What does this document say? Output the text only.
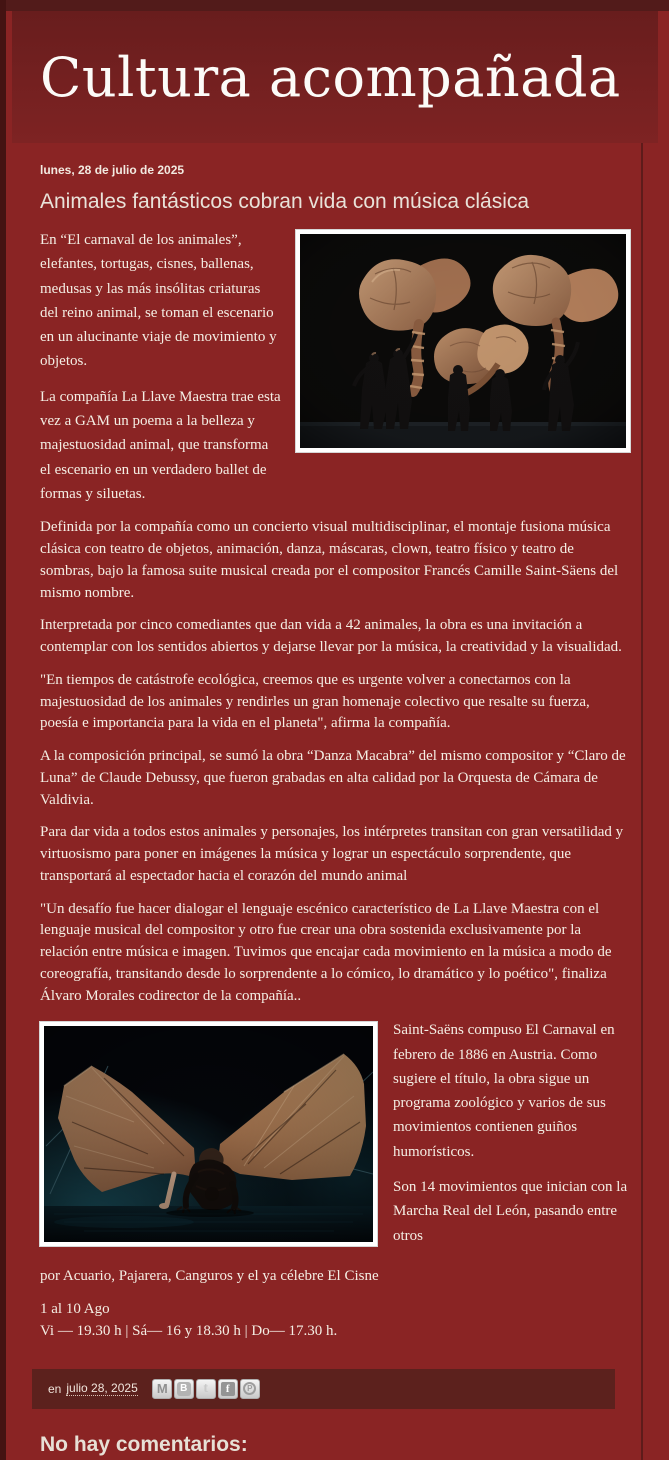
Cultura acompañada
lunes, 28 de julio de 2025
Animales fantásticos cobran vida con música clásica

En “El carnaval de los animales”, elefantes, tortugas, cisnes, ballenas, medusas y las más insólitas criaturas del reino animal, se toman el escenario en un alucinante viaje de movimiento y objetos.

La compañía La Llave Maestra trae esta vez a GAM un poema a la belleza y majestuosidad animal, que transforma el escenario en un verdadero ballet de formas y siluetas.

Definida por la compañía como un concierto visual multidisciplinar, el montaje fusiona música clásica con teatro de objetos, animación, danza, máscaras, clown, teatro físico y teatro de sombras, bajo la famosa suite musical creada por el compositor Francés Camille Saint-Säens del mismo nombre.

Interpretada por cinco comediantes que dan vida a 42 animales, la obra es una invitación a contemplar con los sentidos abiertos y dejarse llevar por la música, la creatividad y la visualidad.

"En tiempos de catástrofe ecológica, creemos que es urgente volver a conectarnos con la majestuosidad de los animales y rendirles un gran homenaje colectivo que resalte su fuerza, poesía e importancia para la vida en el planeta", afirma la compañía.

A la composición principal, se sumó la obra “Danza Macabra” del mismo compositor y “Claro de Luna” de Claude Debussy, que fueron grabadas en alta calidad por la Orquesta de Cámara de Valdivia.

Para dar vida a todos estos animales y personajes, los intérpretes transitan con gran versatilidad y virtuosismo para poner en imágenes la música y lograr un espectáculo sorprendente, que transportará al espectador hacia el corazón del mundo animal

"Un desafío fue hacer dialogar el lenguaje escénico característico de La Llave Maestra con el lenguaje musical del compositor y otro fue crear una obra sostenida exclusivamente por la relación entre música e imagen. Tuvimos que encajar cada movimiento en la música a modo de coreografía, transitando desde lo sorprendente a lo cómico, lo dramático y lo poético", finaliza Álvaro Morales codirector de la compañía..

Saint-Saëns compuso El Carnaval en febrero de 1886 en Austria. Como sugiere el título, la obra sigue un programa zoológico y varios de sus movimientos contienen guiños humorísticos.

Son 14 movimientos que inician con la Marcha Real del León, pasando entre otros

por Acuario, Pajarera, Canguros y el ya célebre El Cisne

1 al 10 Ago
Vi — 19.30 h | Sá— 16 y 18.30 h | Do— 17.30 h.

en julio 28, 2025 M	B t	f	P
No hay comentarios:
